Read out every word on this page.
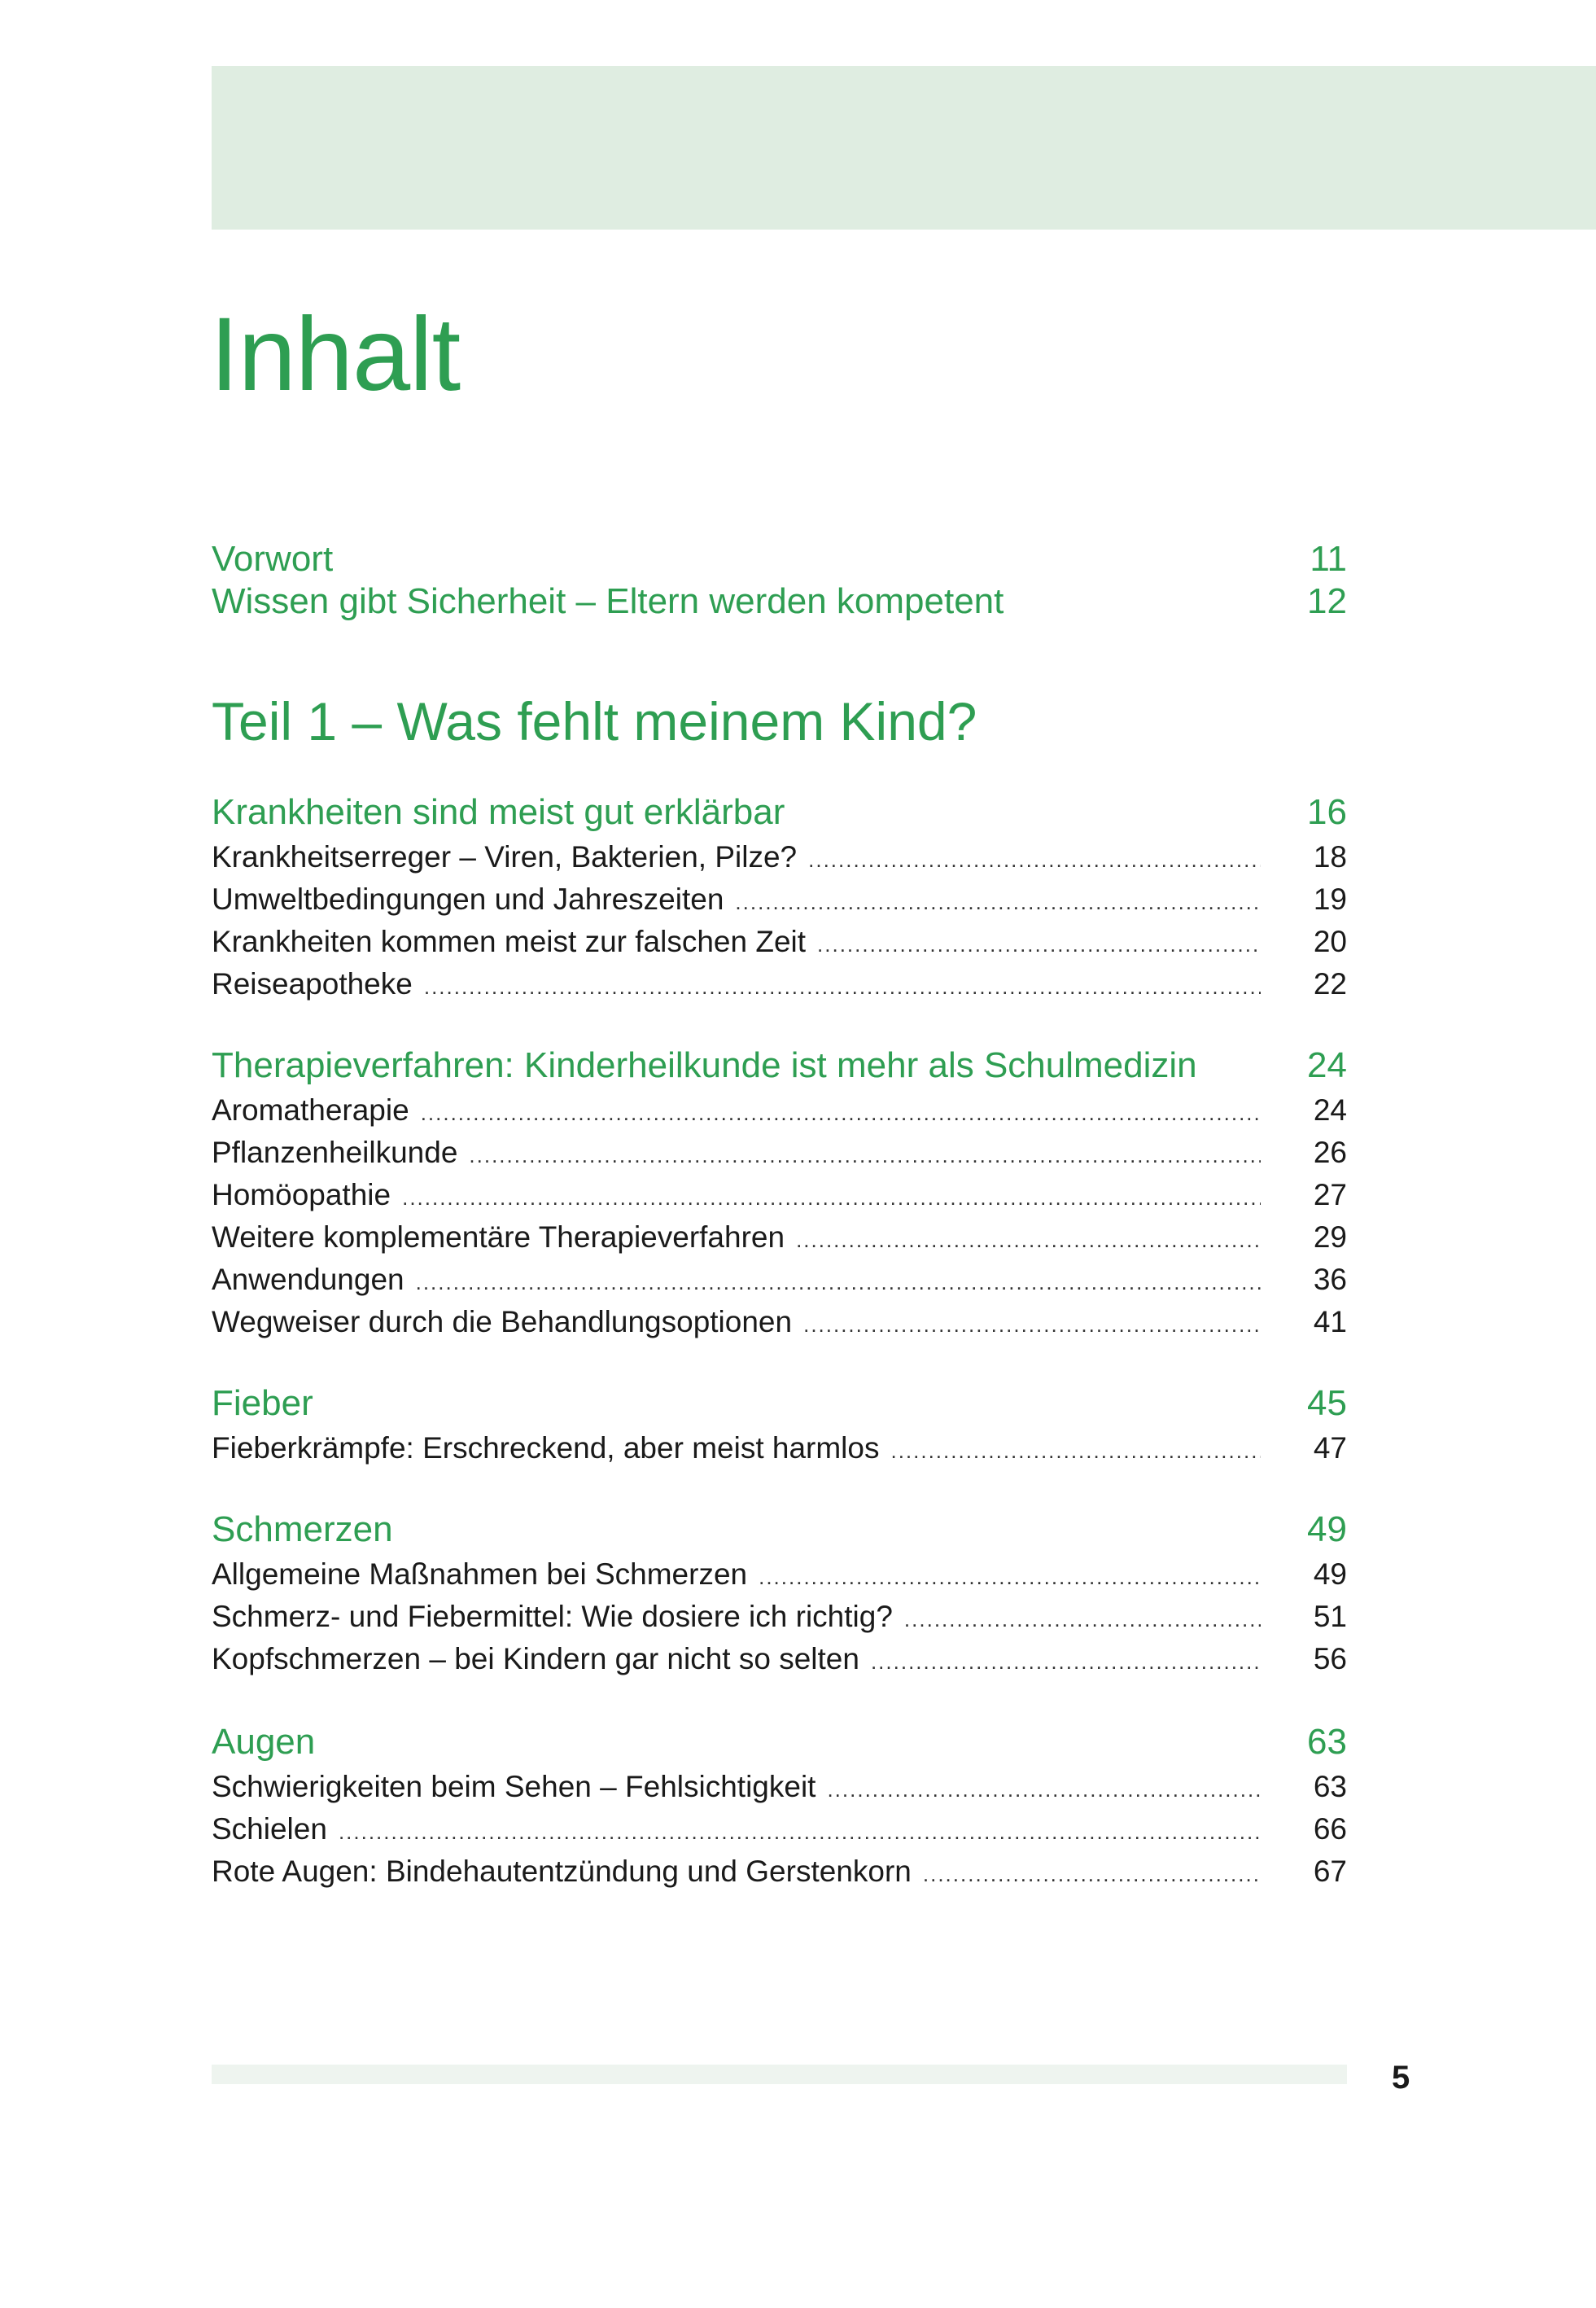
Inhalt
Vorwort	11
Wissen gibt Sicherheit – Eltern werden kompetent	12
Teil 1 – Was fehlt meinem Kind?
Krankheiten sind meist gut erklärbar	16
Krankheitserreger – Viren, Bakterien, Pilze? .....	18
Umweltbedingungen und Jahreszeiten .....	19
Krankheiten kommen meist zur falschen Zeit .....	20
Reiseapotheke .....	22
Therapieverfahren: Kinderheilkunde ist mehr als Schulmedizin	24
Aromatherapie .....	24
Pflanzenheilkunde .....	26
Homöopathie .....	27
Weitere komplementäre Therapieverfahren .....	29
Anwendungen .....	36
Wegweiser durch die Behandlungsoptionen .....	41
Fieber	45
Fieberkrämpfe: Erschreckend, aber meist harmlos .....	47
Schmerzen	49
Allgemeine Maßnahmen bei Schmerzen .....	49
Schmerz- und Fiebermittel: Wie dosiere ich richtig? .....	51
Kopfschmerzen – bei Kindern gar nicht so selten .....	56
Augen	63
Schwierigkeiten beim Sehen – Fehlsichtigkeit .....	63
Schielen .....	66
Rote Augen: Bindehautentzündung und Gerstenkorn .....	67
5
